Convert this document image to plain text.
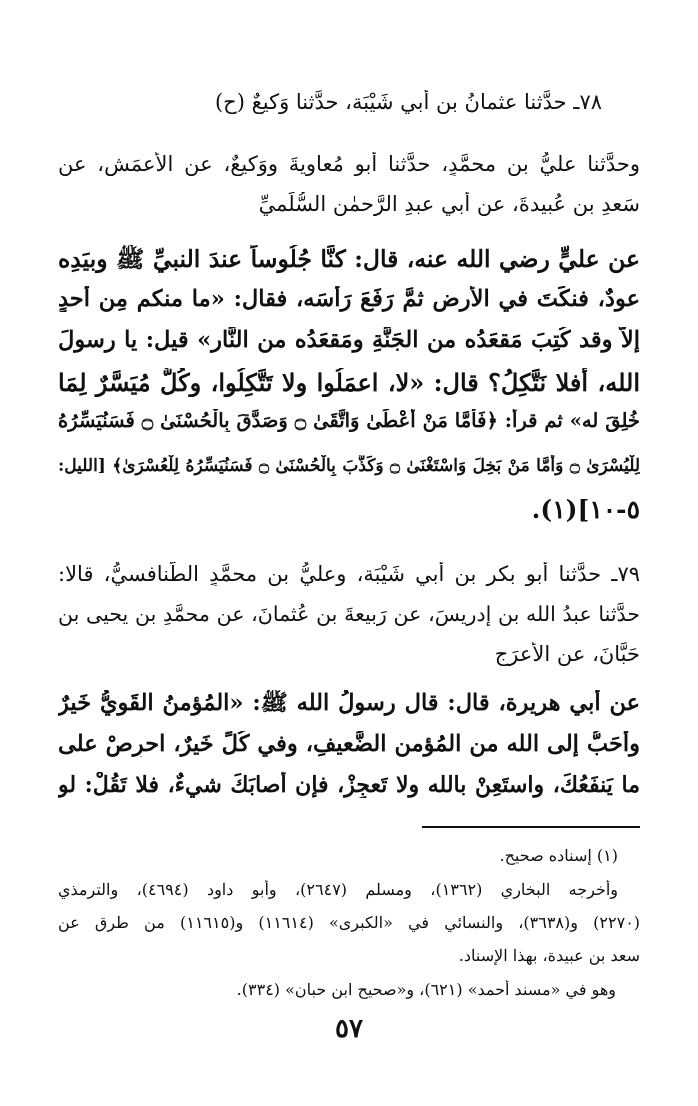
٧٨ـ حدَّثنا عثمانُ بن أبي شَيْبَة، حدَّثنا وَكيعٌ (ح)
وحدَّثنا عليُّ بن محمَّدٍ، حدَّثنا أبو مُعاويةَ ووَكيعٌ، عن الأعمَشِ، عن
سَعدِ بن عُبيدةَ، عن أبي عبدِ الرَّحمٰن السُّلَميِّ
عن عليٍّ رضي الله عنه، قال: كنَّا جُلُوساً عندَ النبيِّ ﷺ وبيَدِه
عودٌ، فنكَتَ في الأرض ثمَّ رَفَعَ رَأسَه، فقال: «ما منكم مِن أحدٍ
إلاَّ وقد كُتِبَ مَقعَدُه من الجَنَّةِ ومَقعَدُه من النَّار» قيل: يا رسولَ
الله، أفلا نَتَّكِلُ؟ قال: «لا، اعمَلُوا ولا تَتَّكِلُوا، وكُلٌّ مُيَسَّرٌ لِمَا
خُلِقَ له» ثم قرأ: ﴿فَأَمَّا مَنْ أَعْطَىٰ وَاتَّقَىٰ ۝ وَصَدَّقَ بِالْحُسْنَىٰ ۝ فَسَنُيَسِّرُهُ
لِلْيُسْرَىٰ ۝ وَأَمَّا مَنْ بَخِلَ وَاسْتَغْنَىٰ ۝ وَكَذَّبَ بِالْحُسْنَىٰ ۝ فَسَنُيَسِّرُهُ لِلْعُسْرَىٰ﴾ [الليل:
٥-١٠](١).
٧٩ـ حدَّثنا أبو بكر بن أبي شَيْبَة، وعليُّ بن محمَّدٍ الطَّنافسيُّ، قالا:
حدَّثنا عبدُ الله بن إدريسَ، عن رَبيعةَ بن عُثمانَ، عن محمَّدِ بن يحيى بن
حَبَّانَ، عن الأعرَج
عن أبي هريرة، قال: قال رسولُ الله ﷺ: «المُؤمنُ القَويُّ خَيرٌ
وأحَبُّ إلى الله من المُؤمن الضَّعيفِ، وفي كُلٍّ خَيرٌ، احرِصْ على
ما يَنفَعُكَ، واستَعِنْ بالله ولا تَعجِزْ، فإن أصابَكَ شيءٌ، فلا تَقُلْ: لو
(١) إسناده صحيح.
وأخرجه البخاري (١٣٦٢)، ومسلم (٢٦٤٧)، وأبو داود (٤٦٩٤)، والترمذي
(٢٢٧٠) و(٣٦٣٨)، والنسائي في «الكبرى» (١١٦١٤) و(١١٦١٥) من طرق عن
سعد بن عبيدة، بهذا الإسناد.
وهو في «مسند أحمد» (٦٢١)، و«صحيح ابن حبان» (٣٣٤).
٥٧
